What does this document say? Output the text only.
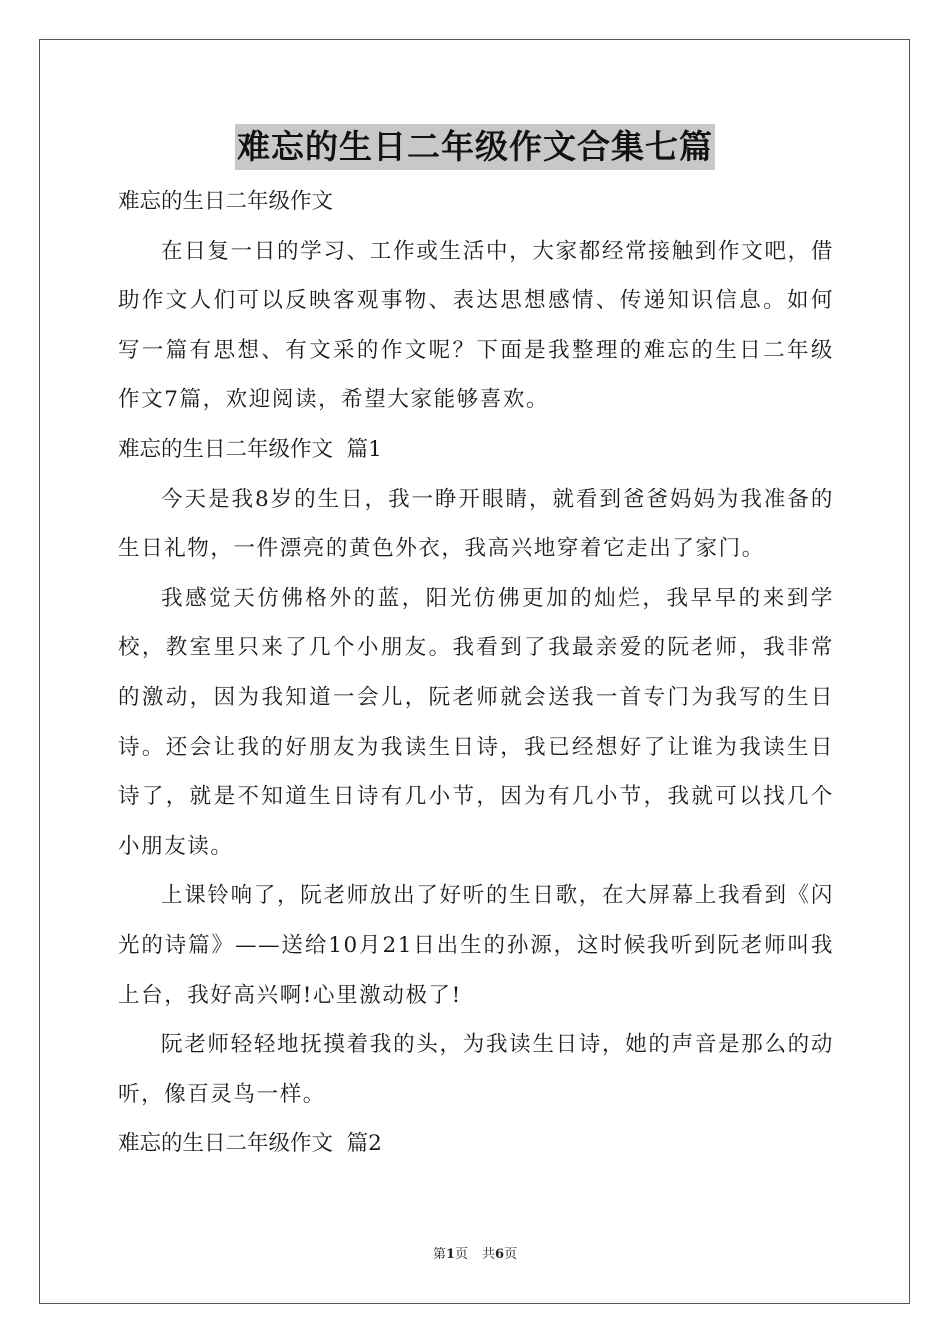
难忘的生日二年级作文合集七篇

难忘的生日二年级作文

在日复一日的学习、工作或生活中，大家都经常接触到作文吧，借助作文人们可以反映客观事物、表达思想感情、传递知识信息。如何写一篇有思想、有文采的作文呢？下面是我整理的难忘的生日二年级作文7篇，欢迎阅读，希望大家能够喜欢。

难忘的生日二年级作文  篇1

今天是我8岁的生日，我一睁开眼睛，就看到爸爸妈妈为我准备的生日礼物，一件漂亮的黄色外衣，我高兴地穿着它走出了家门。

我感觉天仿佛格外的蓝，阳光仿佛更加的灿烂，我早早的来到学校，教室里只来了几个小朋友。我看到了我最亲爱的阮老师，我非常的激动，因为我知道一会儿，阮老师就会送我一首专门为我写的生日诗。还会让我的好朋友为我读生日诗，我已经想好了让谁为我读生日诗了，就是不知道生日诗有几小节，因为有几小节，我就可以找几个小朋友读。

上课铃响了，阮老师放出了好听的生日歌，在大屏幕上我看到《闪光的诗篇》——送给10月21日出生的孙源，这时候我听到阮老师叫我上台，我好高兴啊!心里激动极了!

阮老师轻轻地抚摸着我的头，为我读生日诗，她的声音是那么的动听，像百灵鸟一样。

难忘的生日二年级作文  篇2

第1页 共6页
